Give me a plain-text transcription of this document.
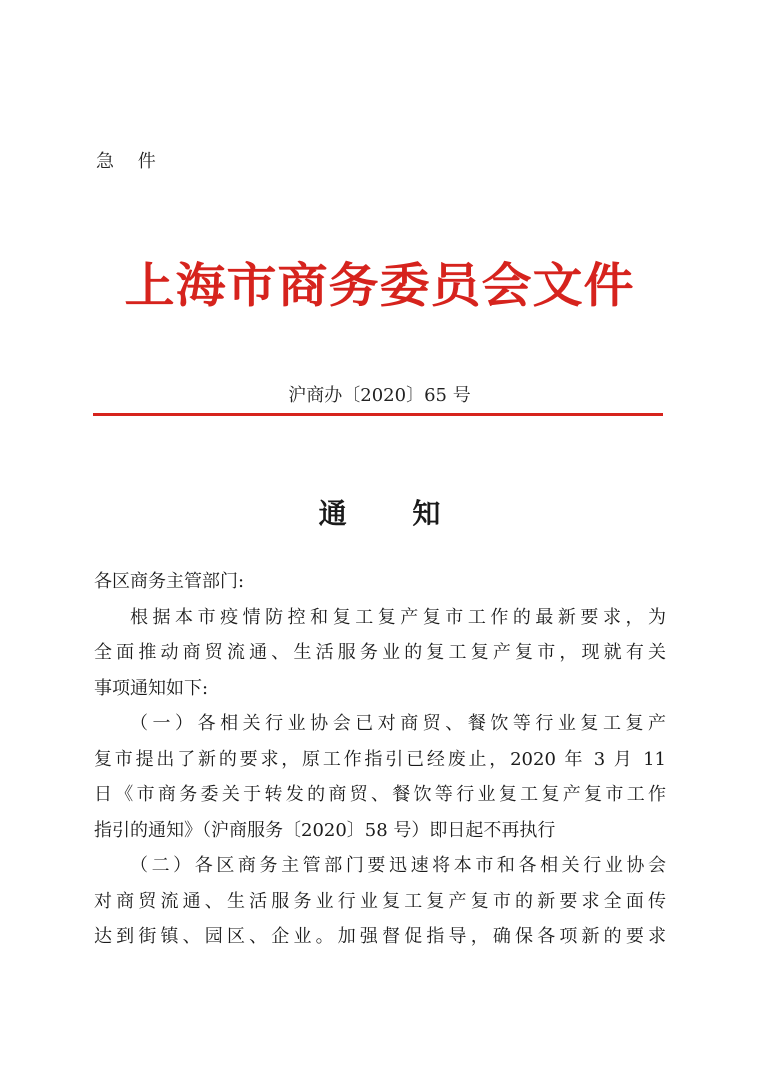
急 件
上海市商务委员会文件
沪商办〔2020〕65 号
通 知
各区商务主管部门:
根据本市疫情防控和复工复产复市工作的最新要求，为
全面推动商贸流通、生活服务业的复工复产复市，现就有关
事项通知如下:
（一）各相关行业协会已对商贸、餐饮等行业复工复产
复市提出了新的要求，原工作指引已经废止，2020 年 3 月 11
日《市商务委关于转发的商贸、餐饮等行业复工复产复市工作
指引的通知》（沪商服务〔2020〕58 号）即日起不再执行
（二）各区商务主管部门要迅速将本市和各相关行业协会
对商贸流通、生活服务业行业复工复产复市的新要求全面传
达到街镇、园区、企业。加强督促指导，确保各项新的要求
